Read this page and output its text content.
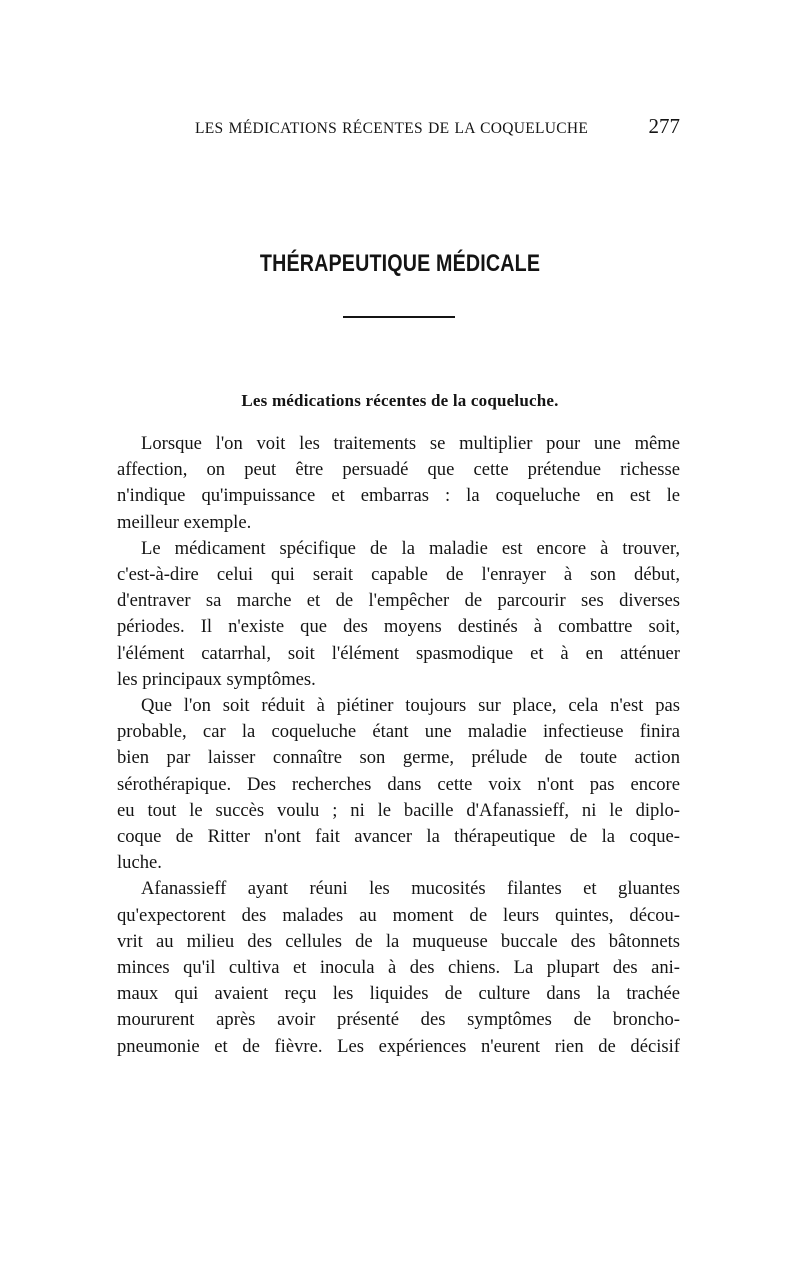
LES MÉDICATIONS RÉCENTES DE LA COQUELUCHE	277
THÉRAPEUTIQUE MÉDICALE
Les médications récentes de la coqueluche.

Lorsque l'on voit les traitements se multiplier pour une même
affection, on peut être persuadé que cette prétendue richesse
n'indique qu'impuissance et embarras : la coqueluche en est le
meilleur exemple.

Le médicament spécifique de la maladie est encore à trouver,
c'est-à-dire celui qui serait capable de l'enrayer à son début,
d'entraver sa marche et de l'empêcher de parcourir ses diverses
périodes. Il n'existe que des moyens destinés à combattre soit,
l'élément catarrhal, soit l'élément spasmodique et à en atténuer
les principaux symptômes.

Que l'on soit réduit à piétiner toujours sur place, cela n'est pas
probable, car la coqueluche étant une maladie infectieuse finira
bien par laisser connaître son germe, prélude de toute action
sérothérapique. Des recherches dans cette voix n'ont pas encore
eu tout le succès voulu ; ni le bacille d'Afanassieff, ni le diplo-
coque de Ritter n'ont fait avancer la thérapeutique de la coque-
luche.

Afanassieff ayant réuni les mucosités filantes et gluantes
qu'expectorent des malades au moment de leurs quintes, décou-
vrit au milieu des cellules de la muqueuse buccale des bâtonnets
minces qu'il cultiva et inocula à des chiens. La plupart des ani-
maux qui avaient reçu les liquides de culture dans la trachée
moururent après avoir présenté des symptômes de broncho-
pneumonie et de fièvre. Les expériences n'eurent rien de décisif
